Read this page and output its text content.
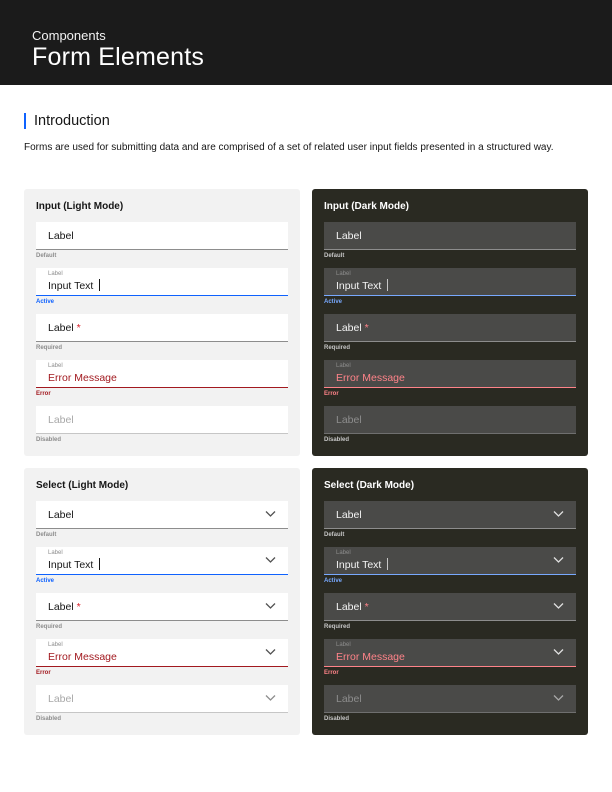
Components
Form Elements
Introduction
Forms are used for submitting data and are comprised of a set of related user input fields presented in a structured way.
Input (Light Mode)
Label
Default
Label
Input Text
Active
Label *
Required
Label
Error Message
Error
Label
Disabled
Input (Dark Mode)
Label
Default
Label
Input Text
Active
Label *
Required
Label
Error Message
Error
Label
Disabled
Select (Light Mode)
Label
Default
Label
Input Text
Active
Label *
Required
Label
Error Message
Error
Label
Disabled
Select (Dark Mode)
Label
Default
Label
Input Text
Active
Label *
Required
Label
Error Message
Error
Label
Disabled
